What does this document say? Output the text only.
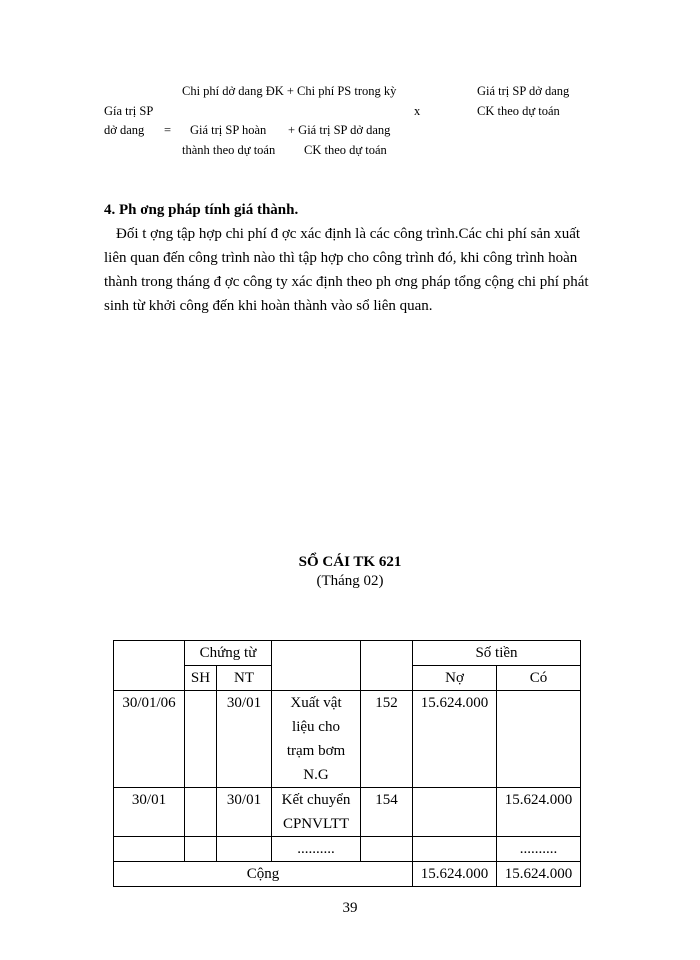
Chi phí dở dang ĐK + Chi phí PS trong kỳ	Giá trị SP dở dang
Gía trị SP	x	CK theo dự toán
dở dang = Giá trị SP hoàn + Giá trị SP dở dang
thành theo dự toán CK theo dự toán
4. Ph ơng pháp tính giá thành.
Đối t ợng tập hợp chi phí đ ợc xác định là các công trình.Các chi phí sản xuất
liên quan đến công trình nào thì tập hợp cho công trình đó, khi công trình hoàn
thành trong tháng đ ợc công ty xác định theo ph ơng pháp tổng cộng chi phí phát
sinh từ khởi công đến khi hoàn thành vào sổ liên quan.
SỔ CÁI TK 621
(Tháng 02)
	Chứng từ				Số tiền	
	SH	NT			Nợ	Có
30/01/06		30/01	Xuất vật
liệu cho
trạm bơm
N.G	152	15.624.000	
30/01		30/01	Kết chuyển
CPNVLTT	154		15.624.000
			..........			..........
Cộng					15.624.000	15.624.000
39
